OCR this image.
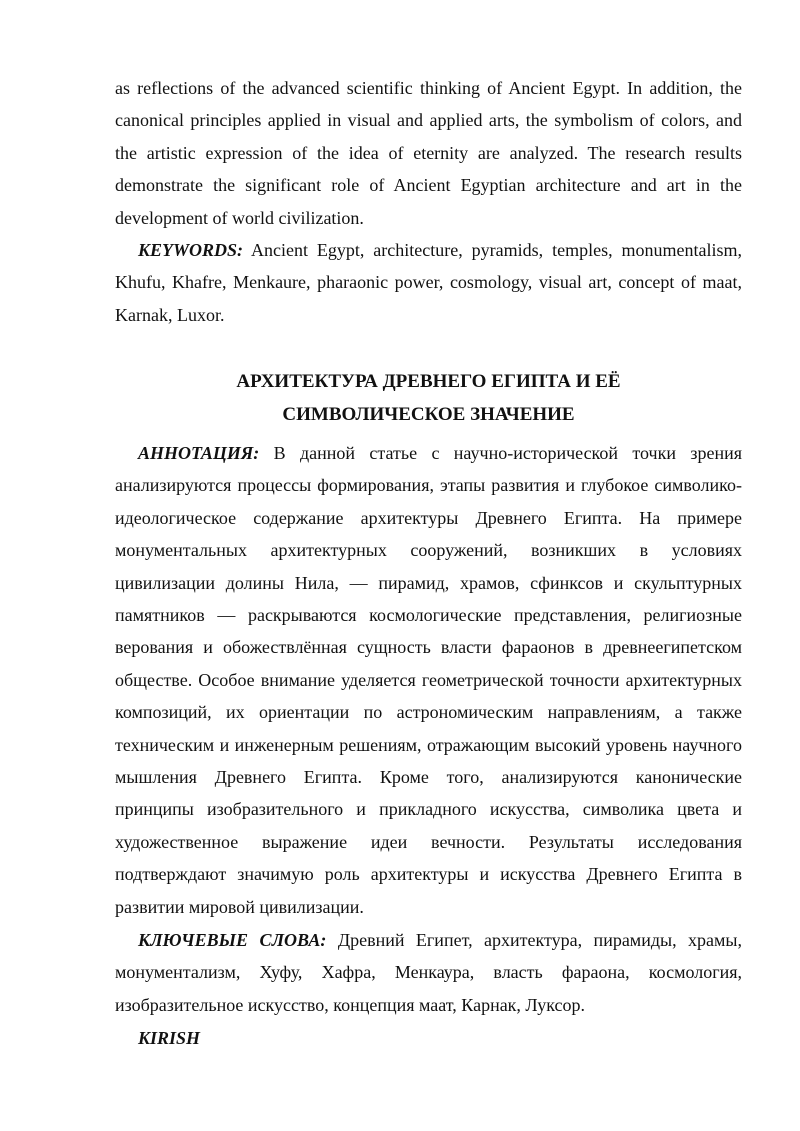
as reflections of the advanced scientific thinking of Ancient Egypt. In addition, the canonical principles applied in visual and applied arts, the symbolism of colors, and the artistic expression of the idea of eternity are analyzed. The research results demonstrate the significant role of Ancient Egyptian architecture and art in the development of world civilization.
KEYWORDS: Ancient Egypt, architecture, pyramids, temples, monumentalism, Khufu, Khafre, Menkaure, pharaonic power, cosmology, visual art, concept of maat, Karnak, Luxor.
АРХИТЕКТУРА ДРЕВНЕГО ЕГИПТА И ЕЁ
СИМВОЛИЧЕСКОЕ ЗНАЧЕНИЕ
АННОТАЦИЯ: В данной статье с научно-исторической точки зрения анализируются процессы формирования, этапы развития и глубокое символико-идеологическое содержание архитектуры Древнего Египта. На примере монументальных архитектурных сооружений, возникших в условиях цивилизации долины Нила, — пирамид, храмов, сфинксов и скульптурных памятников — раскрываются космологические представления, религиозные верования и обожествлённая сущность власти фараонов в древнеегипетском обществе. Особое внимание уделяется геометрической точности архитектурных композиций, их ориентации по астрономическим направлениям, а также техническим и инженерным решениям, отражающим высокий уровень научного мышления Древнего Египта. Кроме того, анализируются канонические принципы изобразительного и прикладного искусства, символика цвета и художественное выражение идеи вечности. Результаты исследования подтверждают значимую роль архитектуры и искусства Древнего Египта в развитии мировой цивилизации.
КЛЮЧЕВЫЕ СЛОВА: Древний Египет, архитектура, пирамиды, храмы, монументализм, Хуфу, Хафра, Менкаура, власть фараона, космология, изобразительное искусство, концепция маат, Карнак, Луксор.
KIRISH
